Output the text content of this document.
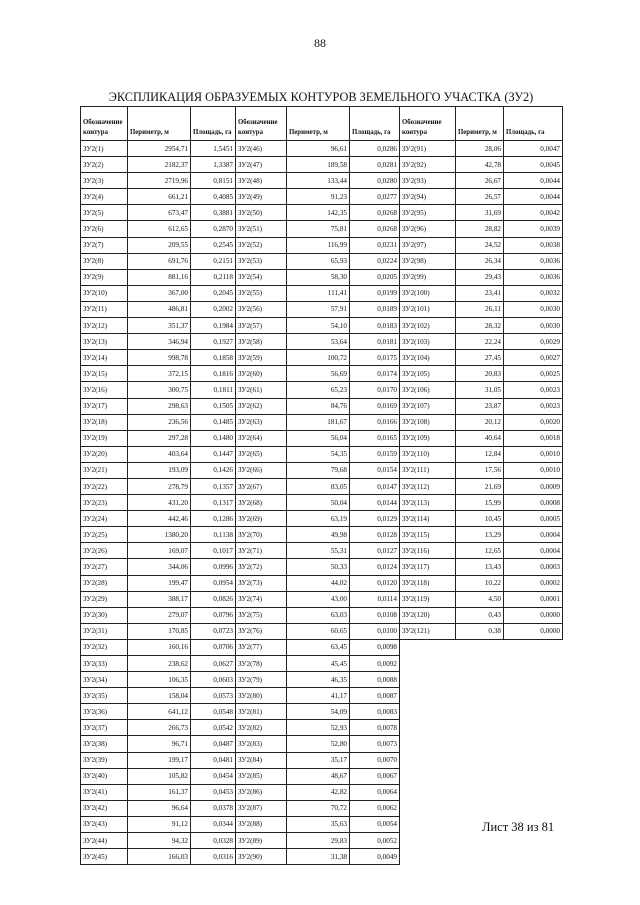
88
ЭКСПЛИКАЦИЯ ОБРАЗУЕМЫХ КОНТУРОВ ЗЕМЕЛЬНОГО УЧАСТКА (ЗУ2)
Обозначение контура	Периметр, м	Площадь, га	Обозначение контура	Периметр, м	Площадь, га	Обозначение контура	Периметр, м	Площадь, га
ЗУ2(1)	2954,71	1,5451	ЗУ2(46)	96,61	0,0286	ЗУ2(91)	28,06	0,0047
ЗУ2(2)	2182,37	1,3387	ЗУ2(47)	189,58	0,0281	ЗУ2(92)	42,78	0,0045
ЗУ2(3)	2719,96	0,8151	ЗУ2(48)	133,44	0,0280	ЗУ2(93)	26,67	0,0044
ЗУ2(4)	661,21	0,4085	ЗУ2(49)	91,23	0,0277	ЗУ2(94)	26,57	0,0044
ЗУ2(5)	673,47	0,3881	ЗУ2(50)	142,35	0,0268	ЗУ2(95)	31,69	0,0042
ЗУ2(6)	612,65	0,2870	ЗУ2(51)	75,81	0,0268	ЗУ2(96)	28,82	0,0039
ЗУ2(7)	209,55	0,2545	ЗУ2(52)	116,99	0,0231	ЗУ2(97)	24,52	0,0038
ЗУ2(8)	691,76	0,2151	ЗУ2(53)	65,93	0,0224	ЗУ2(98)	26,34	0,0036
ЗУ2(9)	881,16	0,2118	ЗУ2(54)	58,30	0,0205	ЗУ2(99)	29,43	0,0036
ЗУ2(10)	367,00	0,2045	ЗУ2(55)	111,41	0,0199	ЗУ2(100)	23,41	0,0032
ЗУ2(11)	486,81	0,2002	ЗУ2(56)	57,91	0,0189	ЗУ2(101)	26,11	0,0030
ЗУ2(12)	351,37	0,1984	ЗУ2(57)	54,10	0,0183	ЗУ2(102)	28,32	0,0030
ЗУ2(13)	346,94	0,1927	ЗУ2(58)	53,64	0,0181	ЗУ2(103)	22,24	0,0029
ЗУ2(14)	998,78	0,1858	ЗУ2(59)	100,72	0,0175	ЗУ2(104)	27,45	0,0027
ЗУ2(15)	372,15	0,1816	ЗУ2(60)	56,69	0,0174	ЗУ2(105)	20,83	0,0025
ЗУ2(16)	300,75	0,1811	ЗУ2(61)	65,23	0,0170	ЗУ2(106)	31,05	0,0023
ЗУ2(17)	298,63	0,1505	ЗУ2(62)	84,76	0,0169	ЗУ2(107)	23,87	0,0023
ЗУ2(18)	236,56	0,1485	ЗУ2(63)	181,67	0,0166	ЗУ2(108)	20,12	0,0020
ЗУ2(19)	297,28	0,1480	ЗУ2(64)	56,04	0,0165	ЗУ2(109)	40,64	0,0018
ЗУ2(20)	403,64	0,1447	ЗУ2(65)	54,35	0,0159	ЗУ2(110)	12,84	0,0010
ЗУ2(21)	193,09	0,1426	ЗУ2(66)	79,68	0,0154	ЗУ2(111)	17,56	0,0010
ЗУ2(22)	278,79	0,1357	ЗУ2(67)	83,05	0,0147	ЗУ2(112)	21,69	0,0009
ЗУ2(23)	431,20	0,1317	ЗУ2(68)	50,04	0,0144	ЗУ2(113)	15,99	0,0008
ЗУ2(24)	442,46	0,1286	ЗУ2(69)	63,19	0,0129	ЗУ2(114)	10,45	0,0005
ЗУ2(25)	1380,20	0,1138	ЗУ2(70)	49,98	0,0128	ЗУ2(115)	13,29	0,0004
ЗУ2(26)	169,07	0,1017	ЗУ2(71)	55,31	0,0127	ЗУ2(116)	12,65	0,0004
ЗУ2(27)	344,06	0,0996	ЗУ2(72)	50,33	0,0124	ЗУ2(117)	13,43	0,0003
ЗУ2(28)	199,47	0,0954	ЗУ2(73)	44,02	0,0120	ЗУ2(118)	10,22	0,0002
ЗУ2(29)	388,17	0,0826	ЗУ2(74)	43,00	0,0114	ЗУ2(119)	4,50	0,0001
ЗУ2(30)	279,07	0,0796	ЗУ2(75)	63,03	0,0108	ЗУ2(120)	0,43	0,0000
ЗУ2(31)	170,85	0,0723	ЗУ2(76)	60,65	0,0100	ЗУ2(121)	0,38	0,0000
ЗУ2(32)	160,16	0,0706	ЗУ2(77)	63,45	0,0098			
ЗУ2(33)	238,62	0,0627	ЗУ2(78)	45,45	0,0092			
ЗУ2(34)	106,35	0,0603	ЗУ2(79)	46,35	0,0088			
ЗУ2(35)	158,04	0,0573	ЗУ2(80)	41,17	0,0087			
ЗУ2(36)	641,12	0,0548	ЗУ2(81)	54,09	0,0083			
ЗУ2(37)	266,73	0,0542	ЗУ2(82)	52,93	0,0078			
ЗУ2(38)	96,71	0,0487	ЗУ2(83)	52,80	0,0073			
ЗУ2(39)	199,17	0,0481	ЗУ2(84)	35,17	0,0070			
ЗУ2(40)	105,82	0,0454	ЗУ2(85)	48,67	0,0067			
ЗУ2(41)	161,37	0,0453	ЗУ2(86)	42,82	0,0064			
ЗУ2(42)	96,64	0,0378	ЗУ2(87)	70,72	0,0062			
ЗУ2(43)	91,12	0,0344	ЗУ2(88)	35,63	0,0054			
ЗУ2(44)	94,32	0,0328	ЗУ2(89)	29,83	0,0052			
ЗУ2(45)	166,03	0,0316	ЗУ2(90)	31,38	0,0049			
Лист 38 из 81
